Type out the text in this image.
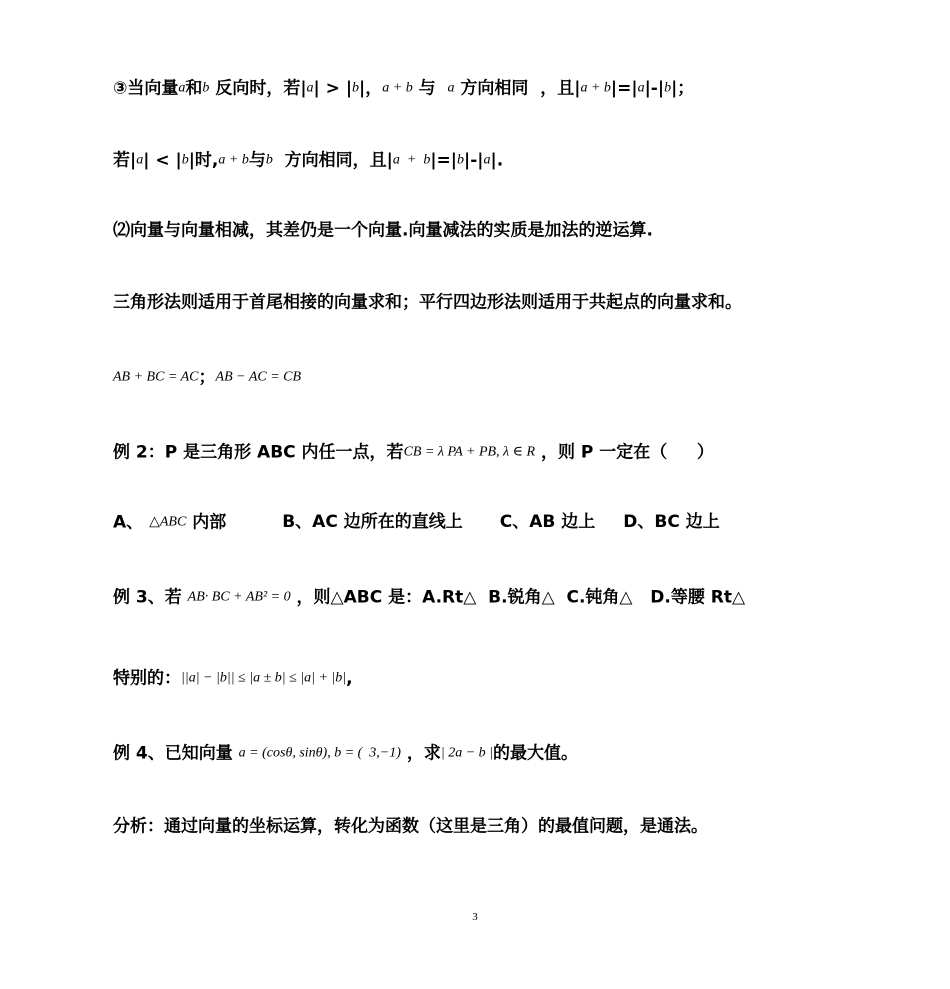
3
③当向量a和b 反向时，若|a| > |b|，a + b 与  a 方向相同  ，且|a + b|=|a|-|b|；
若|a| < |b|时,a + b与b  方向相同，且|a  +  b|=|b|-|a|.
⑵向量与向量相减，其差仍是一个向量.向量减法的实质是加法的逆运算.
三角形法则适用于首尾相接的向量求和；平行四边形法则适用于共起点的向量求和。
AB + BC = AC；AB − AC = CB
例 2：P 是三角形 ABC 内任一点，若CB = λ PA + PB, λ ∈ R ，则 P 一定在（     ）
A、 △ABC 内部	B、AC 边所在的直线上 C、AB 边上 D、BC 边上
例 3、若 AB· BC + AB² = 0 ，则△ABC 是：A.Rt△  B.锐角△  C.钝角△   D.等腰 Rt△
特别的：||a| − |b|| ≤ |a ± b| ≤ |a| + |b|,
例 4、已知向量 a = (cosθ, sinθ), b = (  3,−1) ，求| 2a − b |的最大值。
分析：通过向量的坐标运算，转化为函数（这里是三角）的最值问题，是通法。
